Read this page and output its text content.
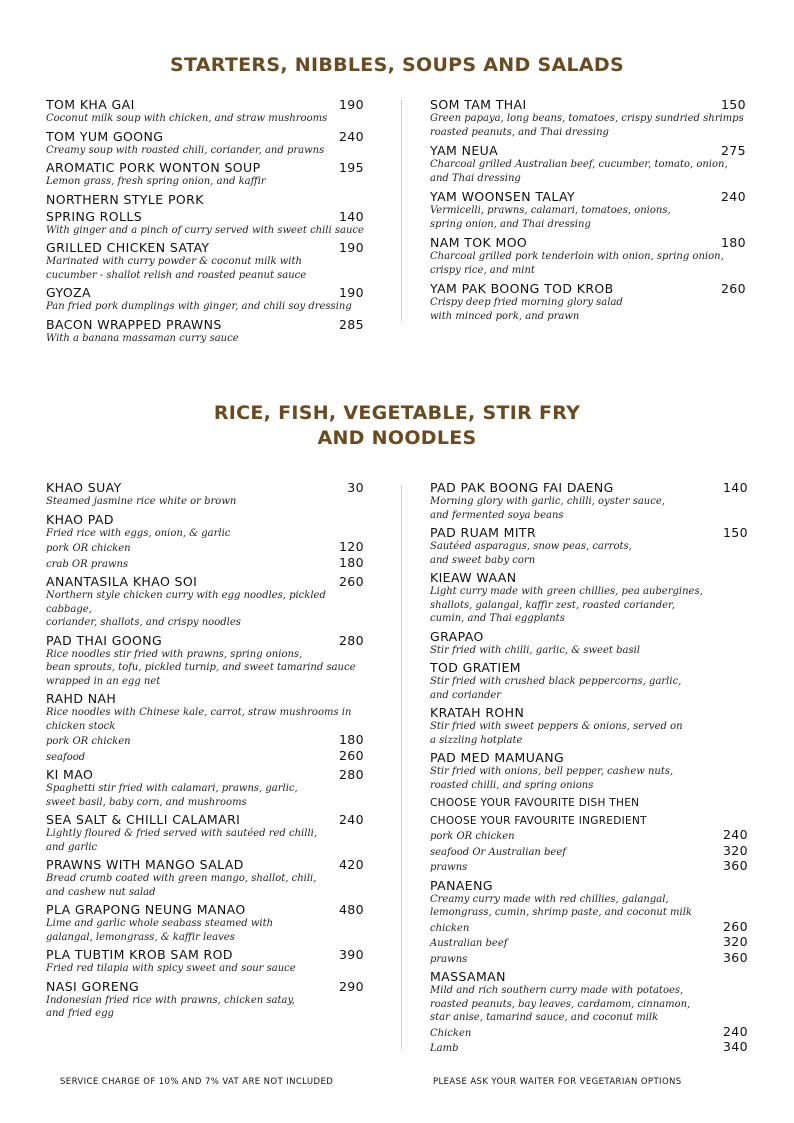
STARTERS, NIBBLES, SOUPS AND SALADS
TOM KHA GAI	190
Coconut milk soup with chicken, and straw mushrooms
TOM YUM GOONG	240
Creamy soup with roasted chili, coriander, and prawns
AROMATIC PORK WONTON SOUP	195
Lemon grass, fresh spring onion, and kaffir
NORTHERN STYLE PORK
SPRING ROLLS	140
With ginger and a pinch of curry served with sweet chili sauce
GRILLED CHICKEN SATAY	190
Marinated with curry powder & coconut milk with
cucumber - shallot relish and roasted peanut sauce
GYOZA	190
Pan fried pork dumplings with ginger, and chili soy dressing
BACON WRAPPED PRAWNS	285
With a banana massaman curry sauce
SOM TAM THAI	150
Green papaya, long beans, tomatoes, crispy sundried shrimps
roasted peanuts, and Thai dressing
YAM NEUA	275
Charcoal grilled Australian beef, cucumber, tomato, onion,
and Thai dressing
YAM WOONSEN TALAY	240
Vermicelli, prawns, calamari, tomatoes, onions,
spring onion, and Thai dressing
NAM TOK MOO	180
Charcoal grilled pork tenderloin with onion, spring onion,
crispy rice, and mint
YAM PAK BOONG TOD KROB	260
Crispy deep fried morning glory salad
with minced pork, and prawn
RICE, FISH, VEGETABLE, STIR FRY
AND NOODLES
KHAO SUAY	30
Steamed jasmine rice white or brown
KHAO PAD
Fried rice with eggs, onion, & garlic
pork OR chicken	120
crab OR prawns	180
ANANTASILA KHAO SOI	260
Northern style chicken curry with egg noodles, pickled cabbage,
coriander, shallots, and crispy noodles
PAD THAI GOONG	280
Rice noodles stir fried with prawns, spring onions,
bean sprouts, tofu, pickled turnip, and sweet tamarind sauce
wrapped in an egg net
RAHD NAH
Rice noodles with Chinese kale, carrot, straw mushrooms in chicken stock
pork OR chicken	180
seafood	260
KI MAO	280
Spaghetti stir fried with calamari, prawns, garlic,
sweet basil, baby corn, and mushrooms
SEA SALT & CHILLI CALAMARI	240
Lightly floured & fried served with sautéed red chilli,
and garlic
PRAWNS WITH MANGO SALAD	420
Bread crumb coated with green mango, shallot, chili,
and cashew nut salad
PLA GRAPONG NEUNG MANAO	480
Lime and garlic whole seabass steamed with
galangal, lemongrass, & kaffir leaves
PLA TUBTIM KROB SAM ROD	390
Fried red tilapia with spicy sweet and sour sauce
NASI GORENG	290
Indonesian fried rice with prawns, chicken satay,
and fried egg
PAD PAK BOONG FAI DAENG	140
Morning glory with garlic, chilli, oyster sauce,
and fermented soya beans
PAD RUAM MITR	150
Sautéed asparagus, snow peas, carrots,
and sweet baby corn
KIEAW WAAN
Light curry made with green chillies, pea aubergines,
shallots, galangal, kaffir zest, roasted coriander,
cumin, and Thai eggplants
GRAPAO
Stir fried with chilli, garlic, & sweet basil
TOD GRATIEM
Stir fried with crushed black peppercorns, garlic,
and coriander
KRATAH ROHN
Stir fried with sweet peppers & onions, served on
a sizzling hotplate
PAD MED MAMUANG
Stir fried with onions, bell pepper, cashew nuts,
roasted chilli, and spring onions
CHOOSE YOUR FAVOURITE DISH THEN
CHOOSE YOUR FAVOURITE INGREDIENT
pork OR chicken	240
seafood Or Australian beef	320
prawns	360
PANAENG
Creamy curry made with red chillies, galangal,
lemongrass, cumin, shrimp paste, and coconut milk
chicken	260
Australian beef	320
prawns	360
MASSAMAN
Mild and rich southern curry made with potatoes,
roasted peanuts, bay leaves, cardamom, cinnamon,
star anise, tamarind sauce, and coconut milk
Chicken	240
Lamb	340
SERVICE CHARGE OF 10% AND 7% VAT ARE NOT INCLUDED	PLEASE ASK YOUR WAITER FOR VEGETARIAN OPTIONS
